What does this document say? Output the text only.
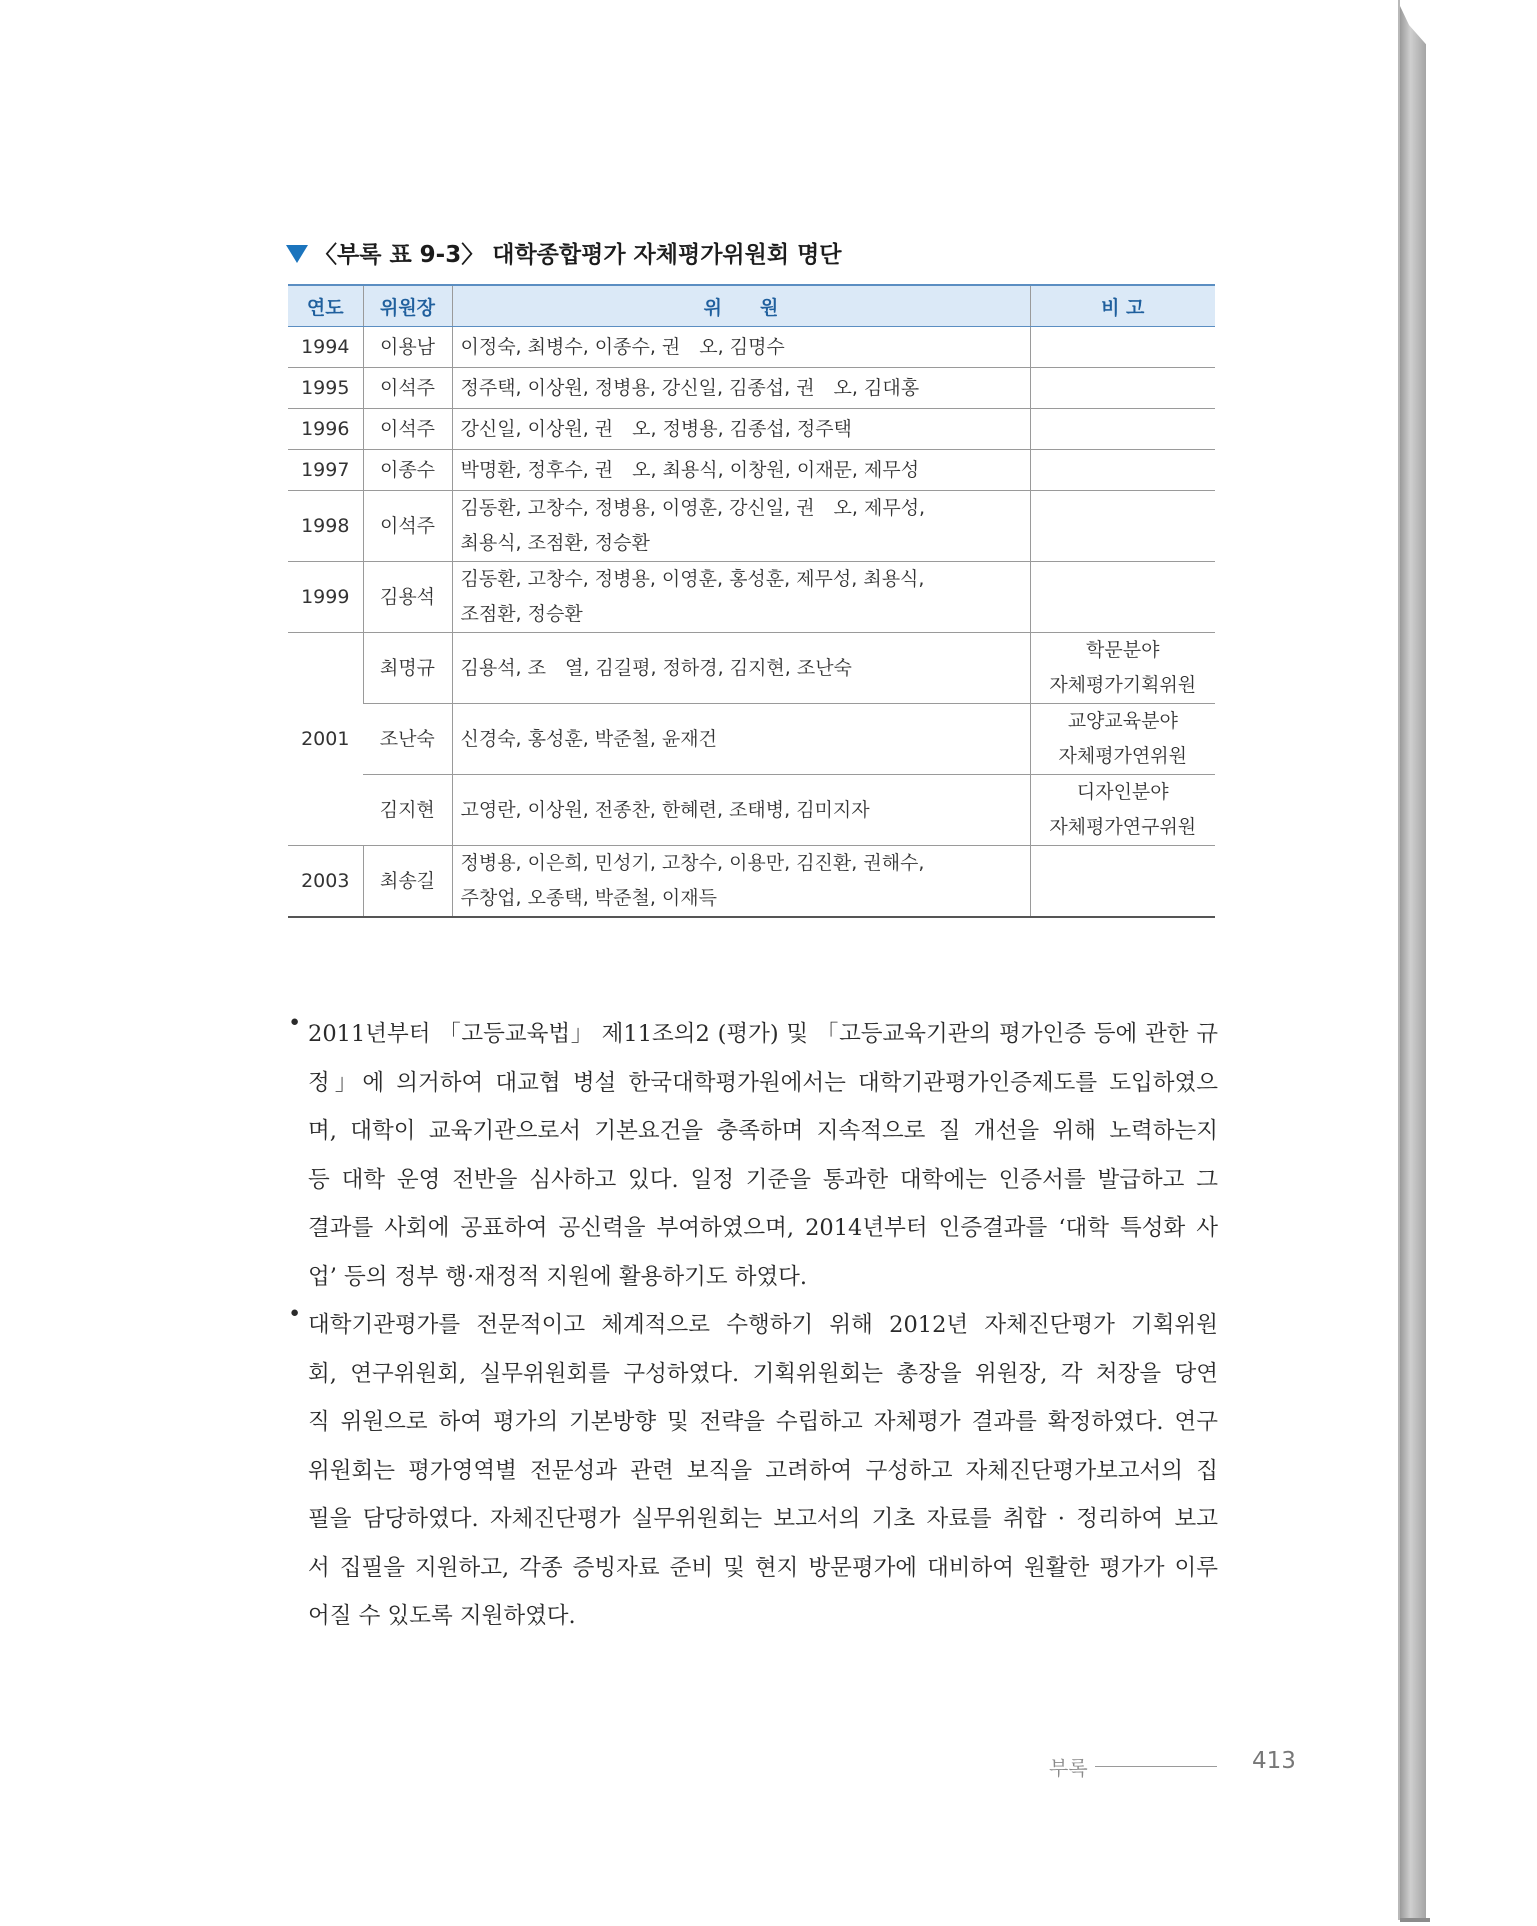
〈부록 표 9-3〉 대학종합평가 자체평가위원회 명단
연도	위원장	위　　원	비 고
1994	이용남	이정숙, 최병수, 이종수, 권　오, 김명수	
1995	이석주	정주택, 이상원, 정병용, 강신일, 김종섭, 권　오, 김대홍	
1996	이석주	강신일, 이상원, 권　오, 정병용, 김종섭, 정주택	
1997	이종수	박명환, 정후수, 권　오, 최용식, 이창원, 이재문, 제무성	
1998	이석주	김동환, 고창수, 정병용, 이영훈, 강신일, 권　오, 제무성,
최용식, 조점환, 정승환	

1999	김용석	김동환, 고창수, 정병용, 이영훈, 홍성훈, 제무성, 최용식,
조점환, 정승환	

2001	최명규	김용석, 조　열, 김길평, 정하경, 김지현, 조난숙	학문분야
자체평가기획위원

	조난숙	신경숙, 홍성훈, 박준철, 윤재건	교양교육분야
자체평가연위원

	김지현	고영란, 이상원, 전종찬, 한혜련, 조태병, 김미지자	디자인분야
자체평가연구위원

2003	최송길	정병용, 이은희, 민성기, 고창수, 이용만, 김진환, 권해수,
주창업, 오종택, 박준철, 이재득	

• 2011년부터 「고등교육법」 제11조의2 (평가) 및 「고등교육기관의 평가인증 등에 관한 규
정」에 의거하여 대교협 병설 한국대학평가원에서는 대학기관평가인증제도를 도입하였으
며, 대학이 교육기관으로서 기본요건을 충족하며 지속적으로 질 개선을 위해 노력하는지
등 대학 운영 전반을 심사하고 있다. 일정 기준을 통과한 대학에는 인증서를 발급하고 그
결과를 사회에 공표하여 공신력을 부여하였으며, 2014년부터 인증결과를 ‘대학 특성화 사
업’ 등의 정부 행·재정적 지원에 활용하기도 하였다.
• 대학기관평가를 전문적이고 체계적으로 수행하기 위해 2012년 자체진단평가 기획위원
회, 연구위원회, 실무위원회를 구성하였다. 기획위원회는 총장을 위원장, 각 처장을 당연
직 위원으로 하여 평가의 기본방향 및 전략을 수립하고 자체평가 결과를 확정하였다. 연구
위원회는 평가영역별 전문성과 관련 보직을 고려하여 구성하고 자체진단평가보고서의 집
필을 담당하였다. 자체진단평가 실무위원회는 보고서의 기초 자료를 취합 · 정리하여 보고
서 집필을 지원하고, 각종 증빙자료 준비 및 현지 방문평가에 대비하여 원활한 평가가 이루
어질 수 있도록 지원하였다.
부록	413
